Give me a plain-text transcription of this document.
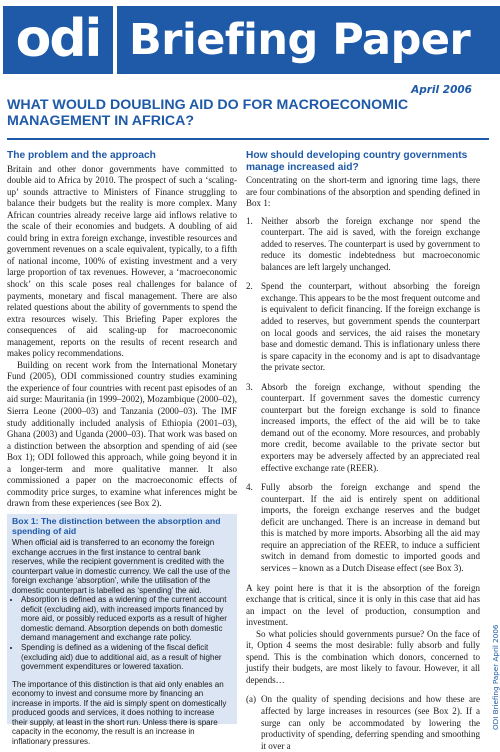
odi Briefing Paper
April 2006
WHAT WOULD DOUBLING AID DO FOR MACROECONOMIC MANAGEMENT IN AFRICA?
The problem and the approach

Britain and other donor governments have committed to double aid to Africa by 2010. The prospect of such a ‘scaling-up’ sounds attractive to Ministers of Finance struggling to balance their budgets but the reality is more complex. Many African countries already receive large aid inflows relative to the scale of their economies and budgets. A doubling of aid could bring in extra foreign exchange, investible resources and government revenues on a scale equivalent, typically, to a fifth of national income, 100% of existing investment and a very large proportion of tax revenues. However, a ‘macroeconomic shock’ on this scale poses real challenges for balance of payments, monetary and fiscal management. There are also related questions about the ability of governments to spend the extra resources wisely. This Briefing Paper explores the consequences of aid scaling-up for macroeconomic management, reports on the results of recent research and makes policy recommendations.

Building on recent work from the International Monetary Fund (2005), ODI commissioned country studies examining the experience of four countries with recent past episodes of an aid surge: Mauritania (in 1999–2002), Mozambique (2000–02), Sierra Leone (2000–03) and Tanzania (2000–03). The IMF study additionally included analysis of Ethiopia (2001–03), Ghana (2003) and Uganda (2000–03). That work was based on a distinction between the absorption and spending of aid (see Box 1); ODI followed this approach, while going beyond it in a longer-term and more qualitative manner. It also commissioned a paper on the macroeconomic effects of commodity price surges, to examine what inferences might be drawn from these experiences (see Box 2).

Box 1: The distinction between the absorption and spending of aid

When official aid is transferred to an economy the foreign exchange accrues in the first instance to central bank reserves, while the recipient government is credited with the counterpart value in domestic currency. We call the use of the foreign exchange ‘absorption’, while the utilisation of the domestic counterpart is labelled as ‘spending’ the aid.

• Absorption is defined as a widening of the current account deficit (excluding aid), with increased imports financed by more aid, or possibly reduced exports as a result of higher domestic demand. Absorption depends on both domestic demand management and exchange rate policy.
• Spending is defined as a widening of the fiscal deficit (excluding aid) due to additional aid, as a result of higher government expenditures or lowered taxation.

The importance of this distinction is that aid only enables an economy to invest and consume more by financing an increase in imports. If the aid is simply spent on domestically produced goods and services, it does nothing to increase their supply, at least in the short run. Unless there is spare capacity in the economy, the result is an increase in inflationary pressures.

How should developing country governments manage increased aid?

Concentrating on the short-term and ignoring time lags, there are four combinations of the absorption and spending defined in Box 1:

1. Neither absorb the foreign exchange nor spend the counterpart. The aid is saved, with the foreign exchange added to reserves. The counterpart is used by government to reduce its domestic indebtedness but macroeconomic balances are left largely unchanged.
2. Spend the counterpart, without absorbing the foreign exchange. This appears to be the most frequent outcome and is equivalent to deficit financing. If the foreign exchange is added to reserves, but government spends the counterpart on local goods and services, the aid raises the monetary base and domestic demand. This is inflationary unless there is spare capacity in the economy and is apt to disadvantage the private sector.
3. Absorb the foreign exchange, without spending the counterpart. If government saves the domestic currency counterpart but the foreign exchange is sold to finance increased imports, the effect of the aid will be to take demand out of the economy. More resources, and probably more credit, become available to the private sector but exporters may be adversely affected by an appreciated real effective exchange rate (REER).
4. Fully absorb the foreign exchange and spend the counterpart. If the aid is entirely spent on additional imports, the foreign exchange reserves and the budget deficit are unchanged. There is an increase in demand but this is matched by more imports. Absorbing all the aid may require an appreciation of the REER, to induce a sufficient switch in demand from domestic to imported goods and services – known as a Dutch Disease effect (see Box 3).

A key point here is that it is the absorption of the foreign exchange that is critical, since it is only in this case that aid has an impact on the level of production, consumption and investment.

So what policies should governments pursue? On the face of it, Option 4 seems the most desirable: fully absorb and fully spend. This is the combination which donors, concerned to justify their budgets, are most likely to favour. However, it all depends…

(a) On the quality of spending decisions and how these are affected by large increases in resources (see Box 2). If a surge can only be accommodated by lowering the productivity of spending, deferring spending and smoothing it over a

ODI Briefing Paper April 2006
